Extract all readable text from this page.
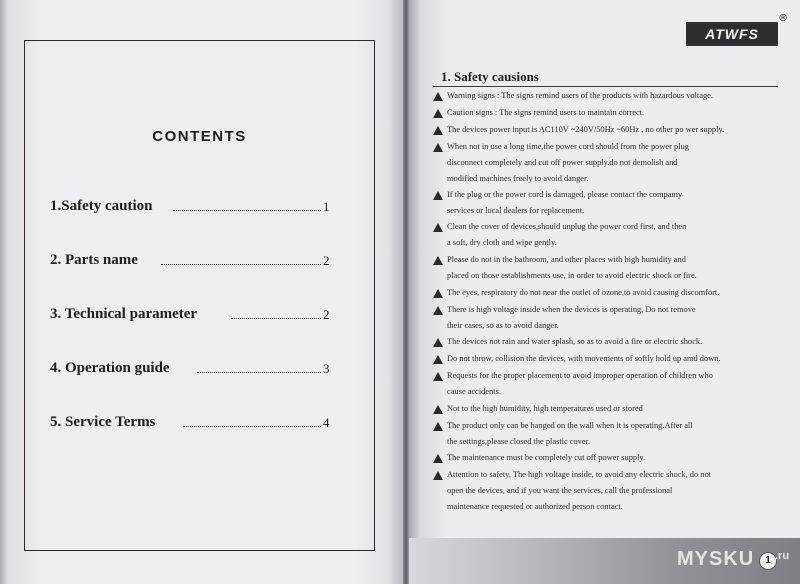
CONTENTS
1.Safety caution	1
2. Parts name	2
3. Technical parameter	2
4. Operation guide	3
5. Service Terms	4
ATWFS
®
1. Safety causions
Warning signs : The signs remind users of the products with hazardous voltage.
Caution signs : The signs remind users to maintain correct.
The devices power input is AC110V ~240V/50Hz ~60Hz , no other po wer supply.
When not in use a long time,the power cord should from the power plug
disconnect completely and cut off power supply.do not demolish and
modified machines freely to avoid danger.
If the plug or the power cord is damaged, please contact the compamy
services or local dealers for replacement.
Clean the cover of devices,should unplug the power cord first, and then
a soft, dry cloth and wipe gently.
Please do not in the bathroom, and other places with high humidity and
placed on those establishments use, in order to avoid electric shock or fire.
The eyes, respiratory do not near the outlet of ozone,to avoid causing discomfort.
There is high voltage inside when the devices is operating, Do not remove
their cases, so as to avoid danger.
The devices not rain and water splash, so as to avoid a fire or electric shock.
Do not throw, collision the devices, with movements of softly hold up amd down.
Requests for the proper placement to avoid improper operation of children who
cause accidents.
Not to the high humidity, high temperatures used or stored
The product only can be hanged on the wall when it is operating.After all
the settings,please closed the plastic cover.
The maintenance must be completely cut off power supply.
Attention to safety, The high voltage inside, to avoid any electric shock, do not
open the devices, and if you want the services, call the professional
maintenance requested or authorized person contact.
MYSKU	1 .ru
